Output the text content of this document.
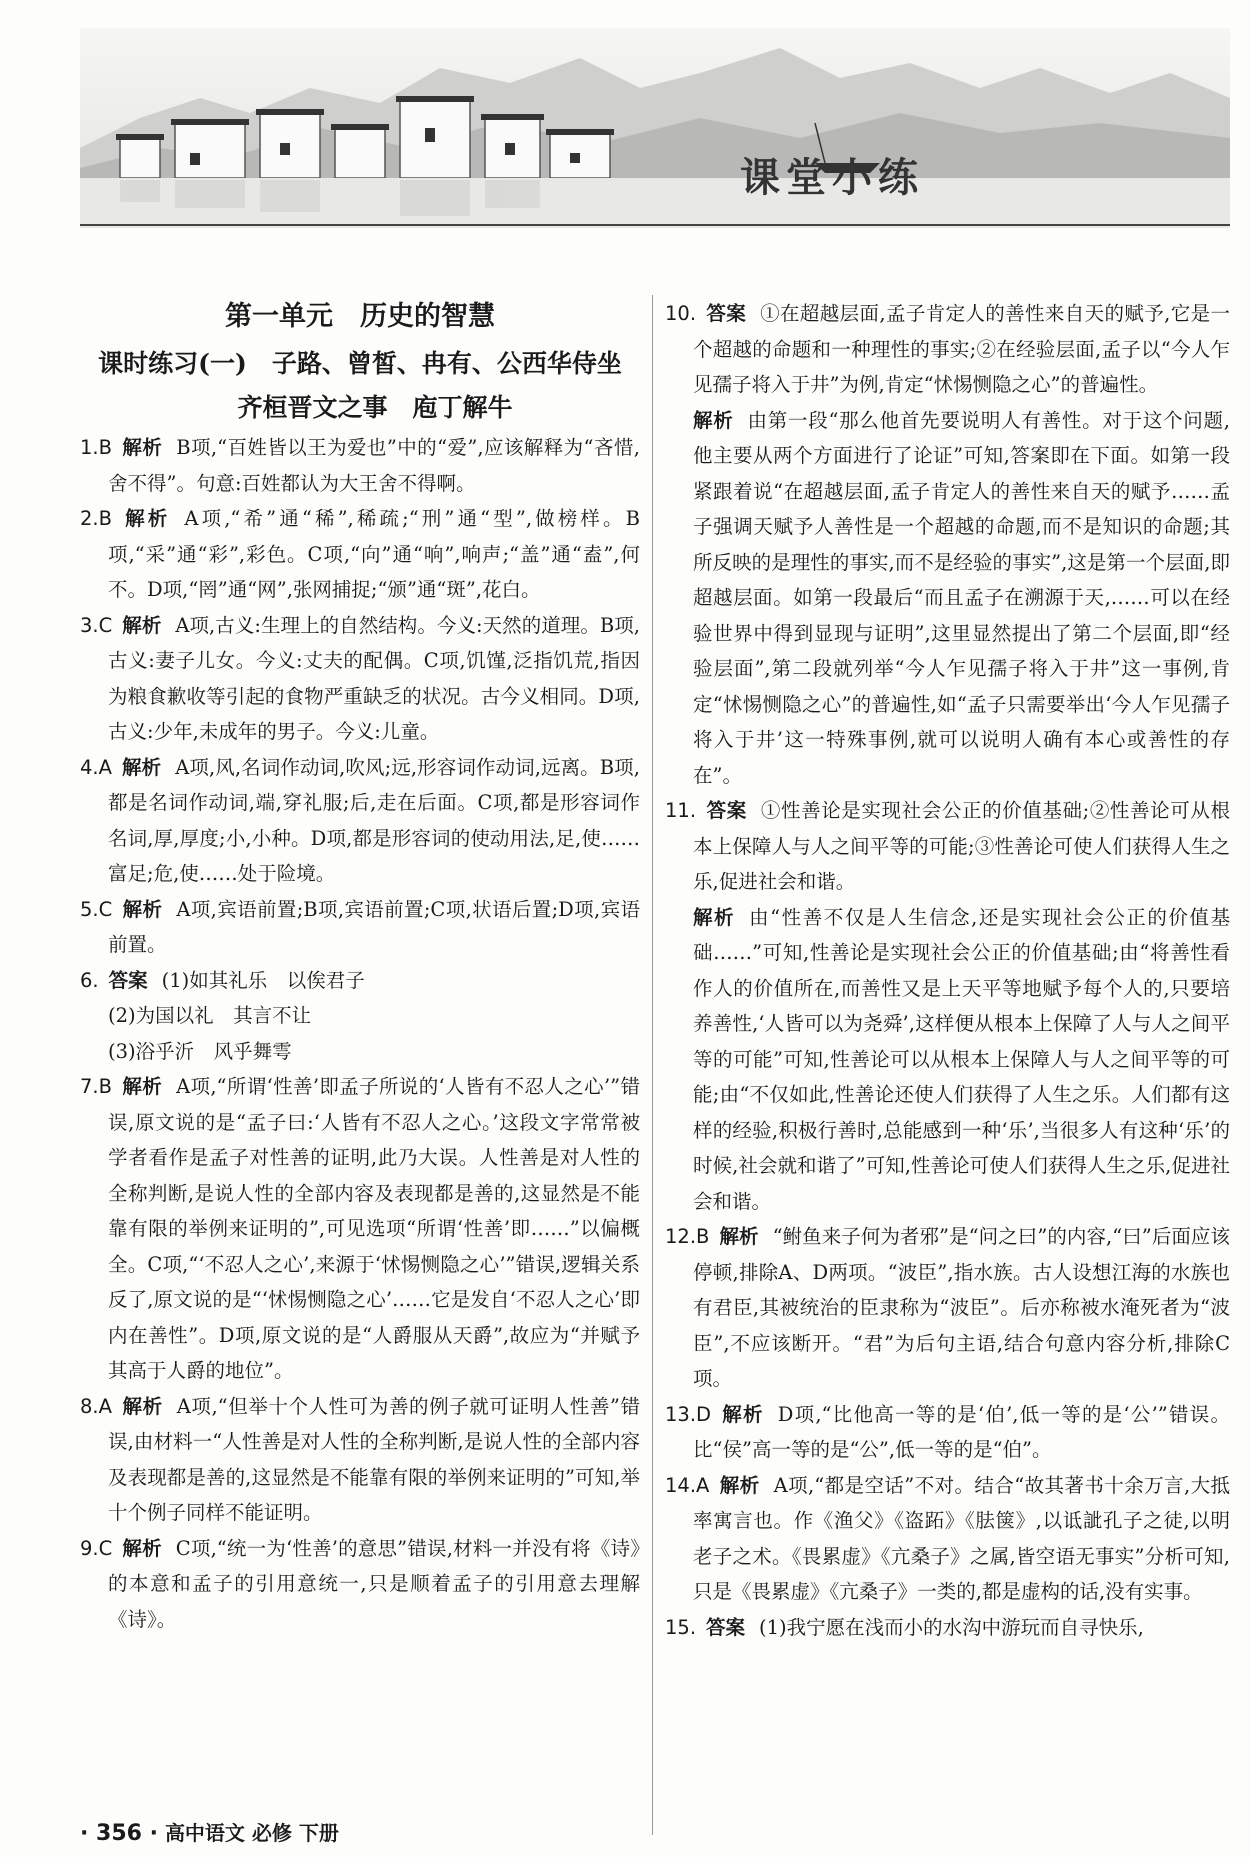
课堂小练
第一单元　历史的智慧
课时练习(一)　子路、曾皙、冉有、公西华侍坐
齐桓晋文之事　庖丁解牛
1.B 解析 B项,“百姓皆以王为爱也”中的“爱”,应该解释为“吝惜,舍不得”。句意:百姓都认为大王舍不得啊。
2.B 解析 A项,“希”通“稀”,稀疏;“刑”通“型”,做榜样。B项,“采”通“彩”,彩色。C项,“向”通“响”,响声;“盖”通“盍”,何不。D项,“罔”通“网”,张网捕捉;“颁”通“斑”,花白。
3.C 解析 A项,古义:生理上的自然结构。今义:天然的道理。B项,古义:妻子儿女。今义:丈夫的配偶。C项,饥馑,泛指饥荒,指因为粮食歉收等引起的食物严重缺乏的状况。古今义相同。D项,古义:少年,未成年的男子。今义:儿童。
4.A 解析 A项,风,名词作动词,吹风;远,形容词作动词,远离。B项,都是名词作动词,端,穿礼服;后,走在后面。C项,都是形容词作名词,厚,厚度;小,小种。D项,都是形容词的使动用法,足,使……富足;危,使……处于险境。
5.C 解析 A项,宾语前置;B项,宾语前置;C项,状语后置;D项,宾语前置。
6. 答案 (1)如其礼乐　以俟君子
(2)为国以礼　其言不让
(3)浴乎沂　风乎舞雩
7.B 解析 A项,“所谓‘性善’即孟子所说的‘人皆有不忍人之心’”错误,原文说的是“孟子曰:‘人皆有不忍人之心。’这段文字常常被学者看作是孟子对性善的证明,此乃大误。人性善是对人性的全称判断,是说人性的全部内容及表现都是善的,这显然是不能靠有限的举例来证明的”,可见选项“所谓‘性善’即……”以偏概全。C项,“‘不忍人之心’,来源于‘怵惕恻隐之心’”错误,逻辑关系反了,原文说的是“‘怵惕恻隐之心’……它是发自‘不忍人之心’即内在善性”。D项,原文说的是“人爵服从天爵”,故应为“并赋予其高于人爵的地位”。
8.A 解析 A项,“但举十个人性可为善的例子就可证明人性善”错误,由材料一“人性善是对人性的全称判断,是说人性的全部内容及表现都是善的,这显然是不能靠有限的举例来证明的”可知,举十个例子同样不能证明。
9.C 解析 C项,“统一为‘性善’的意思”错误,材料一并没有将《诗》的本意和孟子的引用意统一,只是顺着孟子的引用意去理解《诗》。
10. 答案 ①在超越层面,孟子肯定人的善性来自天的赋予,它是一个超越的命题和一种理性的事实;②在经验层面,孟子以“今人乍见孺子将入于井”为例,肯定“怵惕恻隐之心”的普遍性。
解析 由第一段“那么他首先要说明人有善性。对于这个问题,他主要从两个方面进行了论证”可知,答案即在下面。如第一段紧跟着说“在超越层面,孟子肯定人的善性来自天的赋予……孟子强调天赋予人善性是一个超越的命题,而不是知识的命题;其所反映的是理性的事实,而不是经验的事实”,这是第一个层面,即超越层面。如第一段最后“而且孟子在溯源于天,……可以在经验世界中得到显现与证明”,这里显然提出了第二个层面,即“经验层面”,第二段就列举“今人乍见孺子将入于井”这一事例,肯定“怵惕恻隐之心”的普遍性,如“孟子只需要举出‘今人乍见孺子将入于井’这一特殊事例,就可以说明人确有本心或善性的存在”。
11. 答案 ①性善论是实现社会公正的价值基础;②性善论可从根本上保障人与人之间平等的可能;③性善论可使人们获得人生之乐,促进社会和谐。
解析 由“性善不仅是人生信念,还是实现社会公正的价值基础……”可知,性善论是实现社会公正的价值基础;由“将善性看作人的价值所在,而善性又是上天平等地赋予每个人的,只要培养善性,‘人皆可以为尧舜’,这样便从根本上保障了人与人之间平等的可能”可知,性善论可以从根本上保障人与人之间平等的可能;由“不仅如此,性善论还使人们获得了人生之乐。人们都有这样的经验,积极行善时,总能感到一种‘乐’,当很多人有这种‘乐’的时候,社会就和谐了”可知,性善论可使人们获得人生之乐,促进社会和谐。
12.B 解析 “鲋鱼来子何为者邪”是“问之曰”的内容,“曰”后面应该停顿,排除A、D两项。“波臣”,指水族。古人设想江海的水族也有君臣,其被统治的臣隶称为“波臣”。后亦称被水淹死者为“波臣”,不应该断开。“君”为后句主语,结合句意内容分析,排除C项。
13.D 解析 D项,“比他高一等的是‘伯’,低一等的是‘公’”错误。比“侯”高一等的是“公”,低一等的是“伯”。
14.A 解析 A项,“都是空话”不对。结合“故其著书十余万言,大抵率寓言也。作《渔父》《盗跖》《胠箧》,以诋訿孔子之徒,以明老子之术。《畏累虚》《亢桑子》之属,皆空语无事实”分析可知,只是《畏累虚》《亢桑子》一类的,都是虚构的话,没有实事。
15. 答案 (1)我宁愿在浅而小的水沟中游玩而自寻快乐,
· 356 · 高中语文 必修 下册
